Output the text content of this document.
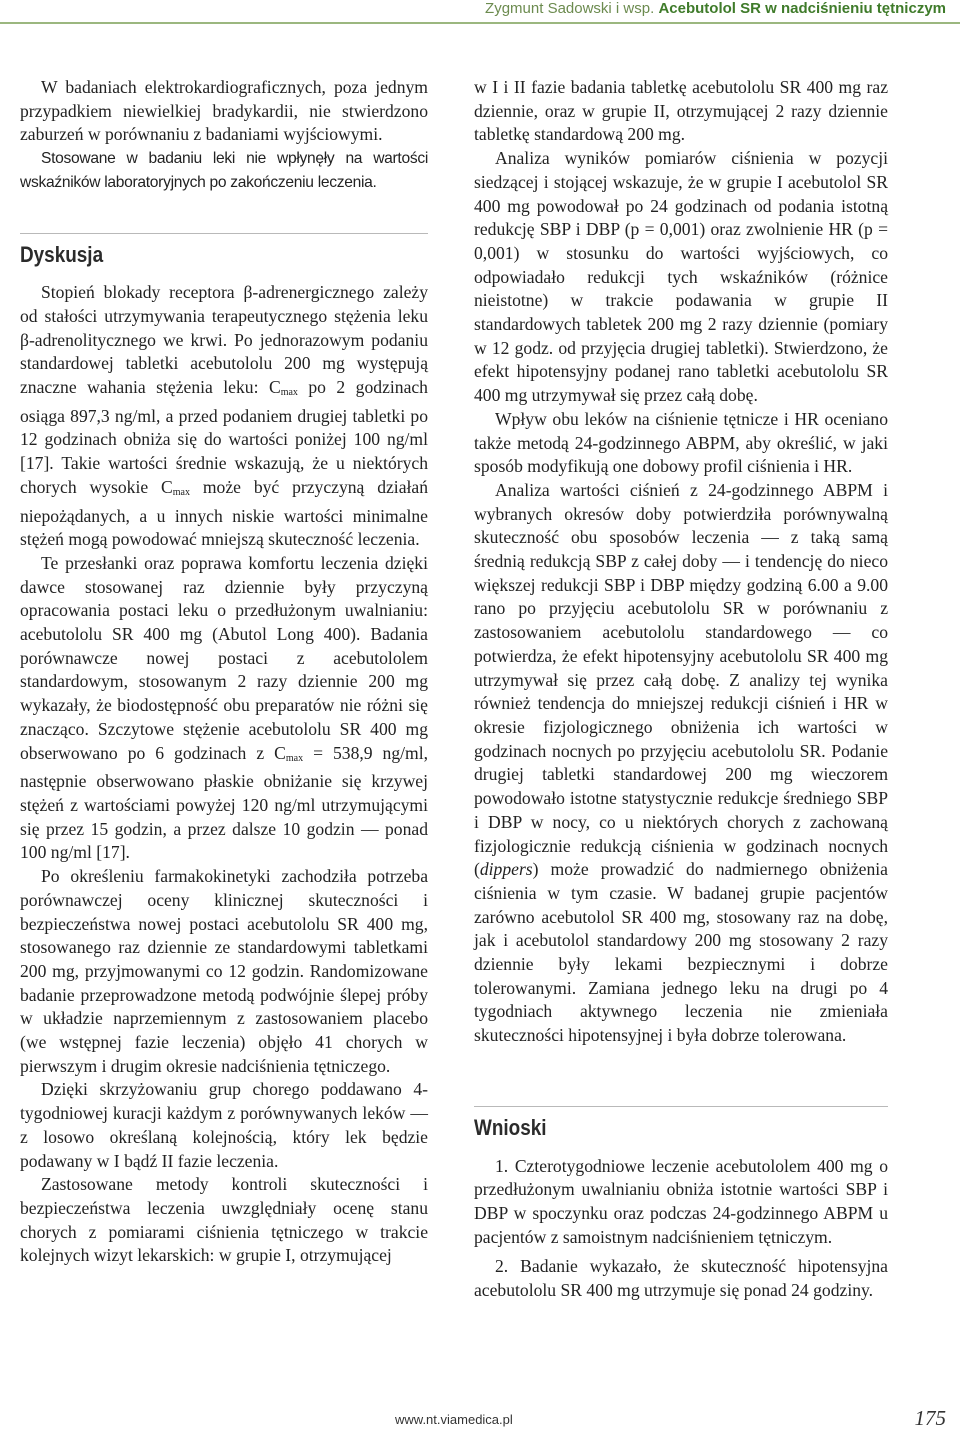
Zygmunt Sadowski i wsp. Acebutolol SR w nadciśnieniu tętniczym

W badaniach elektrokardiograficznych, poza jednym przypadkiem niewielkiej bradykardii, nie stwierdzono zaburzeń w porównaniu z badaniami wyjściowymi.

Stosowane w badaniu leki nie wpłynęły na wartości wskaźników laboratoryjnych po zakończeniu leczenia.

Dyskusja

Stopień blokady receptora β-adrenergicznego zależy od stałości utrzymywania terapeutycznego stężenia leku β-adrenolitycznego we krwi. Po jednorazowym podaniu standardowej tabletki acebutololu 200 mg występują znaczne wahania stężenia leku: $C_{max}$ po 2 godzinach osiąga 897,3 ng/ml, a przed podaniem drugiej tabletki po 12 godzinach obniża się do wartości poniżej 100 ng/ml [17]. Takie wartości średnie wskazują, że u niektórych chorych wysokie $C_{max}$ może być przyczyną działań niepożądanych, a u innych niskie wartości minimalne stężeń mogą powodować mniejszą skuteczność leczenia.

Te przesłanki oraz poprawa komfortu leczenia dzięki dawce stosowanej raz dziennie były przyczyną opracowania postaci leku o przedłużonym uwalnianiu: acebutololu SR 400 mg (Abutol Long 400). Badania porównawcze nowej postaci z acebutololem standardowym, stosowanym 2 razy dziennie 200 mg wykazały, że biodostępność obu preparatów nie różni się znacząco. Szczytowe stężenie acebutololu SR 400 mg obserwowano po 6 godzinach z $C_{max} = 538,9$ ng/ml, następnie obserwowano płaskie obniżanie się krzywej stężeń z wartościami powyżej 120 ng/ml utrzymującymi się przez 15 godzin, a przez dalsze 10 godzin — ponad 100 ng/ml [17].

Po określeniu farmakokinetyki zachodziła potrzeba porównawczej oceny klinicznej skuteczności i bezpieczeństwa nowej postaci acebutololu SR 400 mg, stosowanego raz dziennie ze standardowymi tabletkami 200 mg, przyjmowanymi co 12 godzin. Randomizowane badanie przeprowadzone metodą podwójnie ślepej próby w układzie naprzemiennym z zastosowaniem placebo (we wstępnej fazie leczenia) objęło 41 chorych w pierwszym i drugim okresie nadciśnienia tętniczego.

Dzięki skrzyżowaniu grup chorego poddawano 4-tygodniowej kuracji każdym z porównywanych leków — z losowo określaną kolejnością, który lek będzie podawany w I bądź II fazie leczenia.

Zastosowane metody kontroli skuteczności i bezpieczeństwa leczenia uwzględniały ocenę stanu chorych z pomiarami ciśnienia tętniczego w trakcie kolejnych wizyt lekarskich: w grupie I, otrzymującej

w I i II fazie badania tabletkę acebutololu SR 400 mg raz dziennie, oraz w grupie II, otrzymującej 2 razy dziennie tabletkę standardową 200 mg.

Analiza wyników pomiarów ciśnienia w pozycji siedzącej i stojącej wskazuje, że w grupie I acebutolol SR 400 mg powodował po 24 godzinach od podania istotną redukcję SBP i DBP (p = 0,001) oraz zwolnienie HR (p = 0,001) w stosunku do wartości wyjściowych, co odpowiadało redukcji tych wskaźników (różnice nieistotne) w trakcie podawania w grupie II standardowych tabletek 200 mg 2 razy dziennie (pomiary w 12 godz. od przyjęcia drugiej tabletki). Stwierdzono, że efekt hipotensyjny podanej rano tabletki acebutololu SR 400 mg utrzymywał się przez całą dobę.

Wpływ obu leków na ciśnienie tętnicze i HR oceniano także metodą 24-godzinnego ABPM, aby określić, w jaki sposób modyfikują one dobowy profil ciśnienia i HR.

Analiza wartości ciśnień z 24-godzinnego ABPM i wybranych okresów doby potwierdziła porównywalną skuteczność obu sposobów leczenia — z taką samą średnią redukcją SBP z całej doby — i tendencję do nieco większej redukcji SBP i DBP między godziną 6.00 a 9.00 rano po przyjęciu acebutololu SR w porównaniu z zastosowaniem acebutololu standardowego — co potwierdza, że efekt hipotensyjny acebutololu SR 400 mg utrzymywał się przez całą dobę. Z analizy tej wynika również tendencja do mniejszej redukcji ciśnień i HR w okresie fizjologicznego obniżenia ich wartości w godzinach nocnych po przyjęciu acebutololu SR. Podanie drugiej tabletki standardowej 200 mg wieczorem powodowało istotne statystycznie redukcje średniego SBP i DBP w nocy, co u niektórych chorych z zachowaną fizjologicznie redukcją ciśnienia w godzinach nocnych (dippers) może prowadzić do nadmiernego obniżenia ciśnienia w tym czasie. W badanej grupie pacjentów zarówno acebutolol SR 400 mg, stosowany raz na dobę, jak i acebutolol standardowy 200 mg stosowany 2 razy dziennie były lekami bezpiecznymi i dobrze tolerowanymi. Zamiana jednego leku na drugi po 4 tygodniach aktywnego leczenia nie zmieniała skuteczności hipotensyjnej i była dobrze tolerowana.

Wnioski

1. Czterotygodniowe leczenie acebutololem 400 mg o przedłużonym uwalnianiu obniża istotnie wartości SBP i DBP w spoczynku oraz podczas 24-godzinnego ABPM u pacjentów z samoistnym nadciśnieniem tętniczym.

2. Badanie wykazało, że skuteczność hipotensyjna acebutololu SR 400 mg utrzymuje się ponad 24 godziny.

www.nt.viamedica.pl	175
